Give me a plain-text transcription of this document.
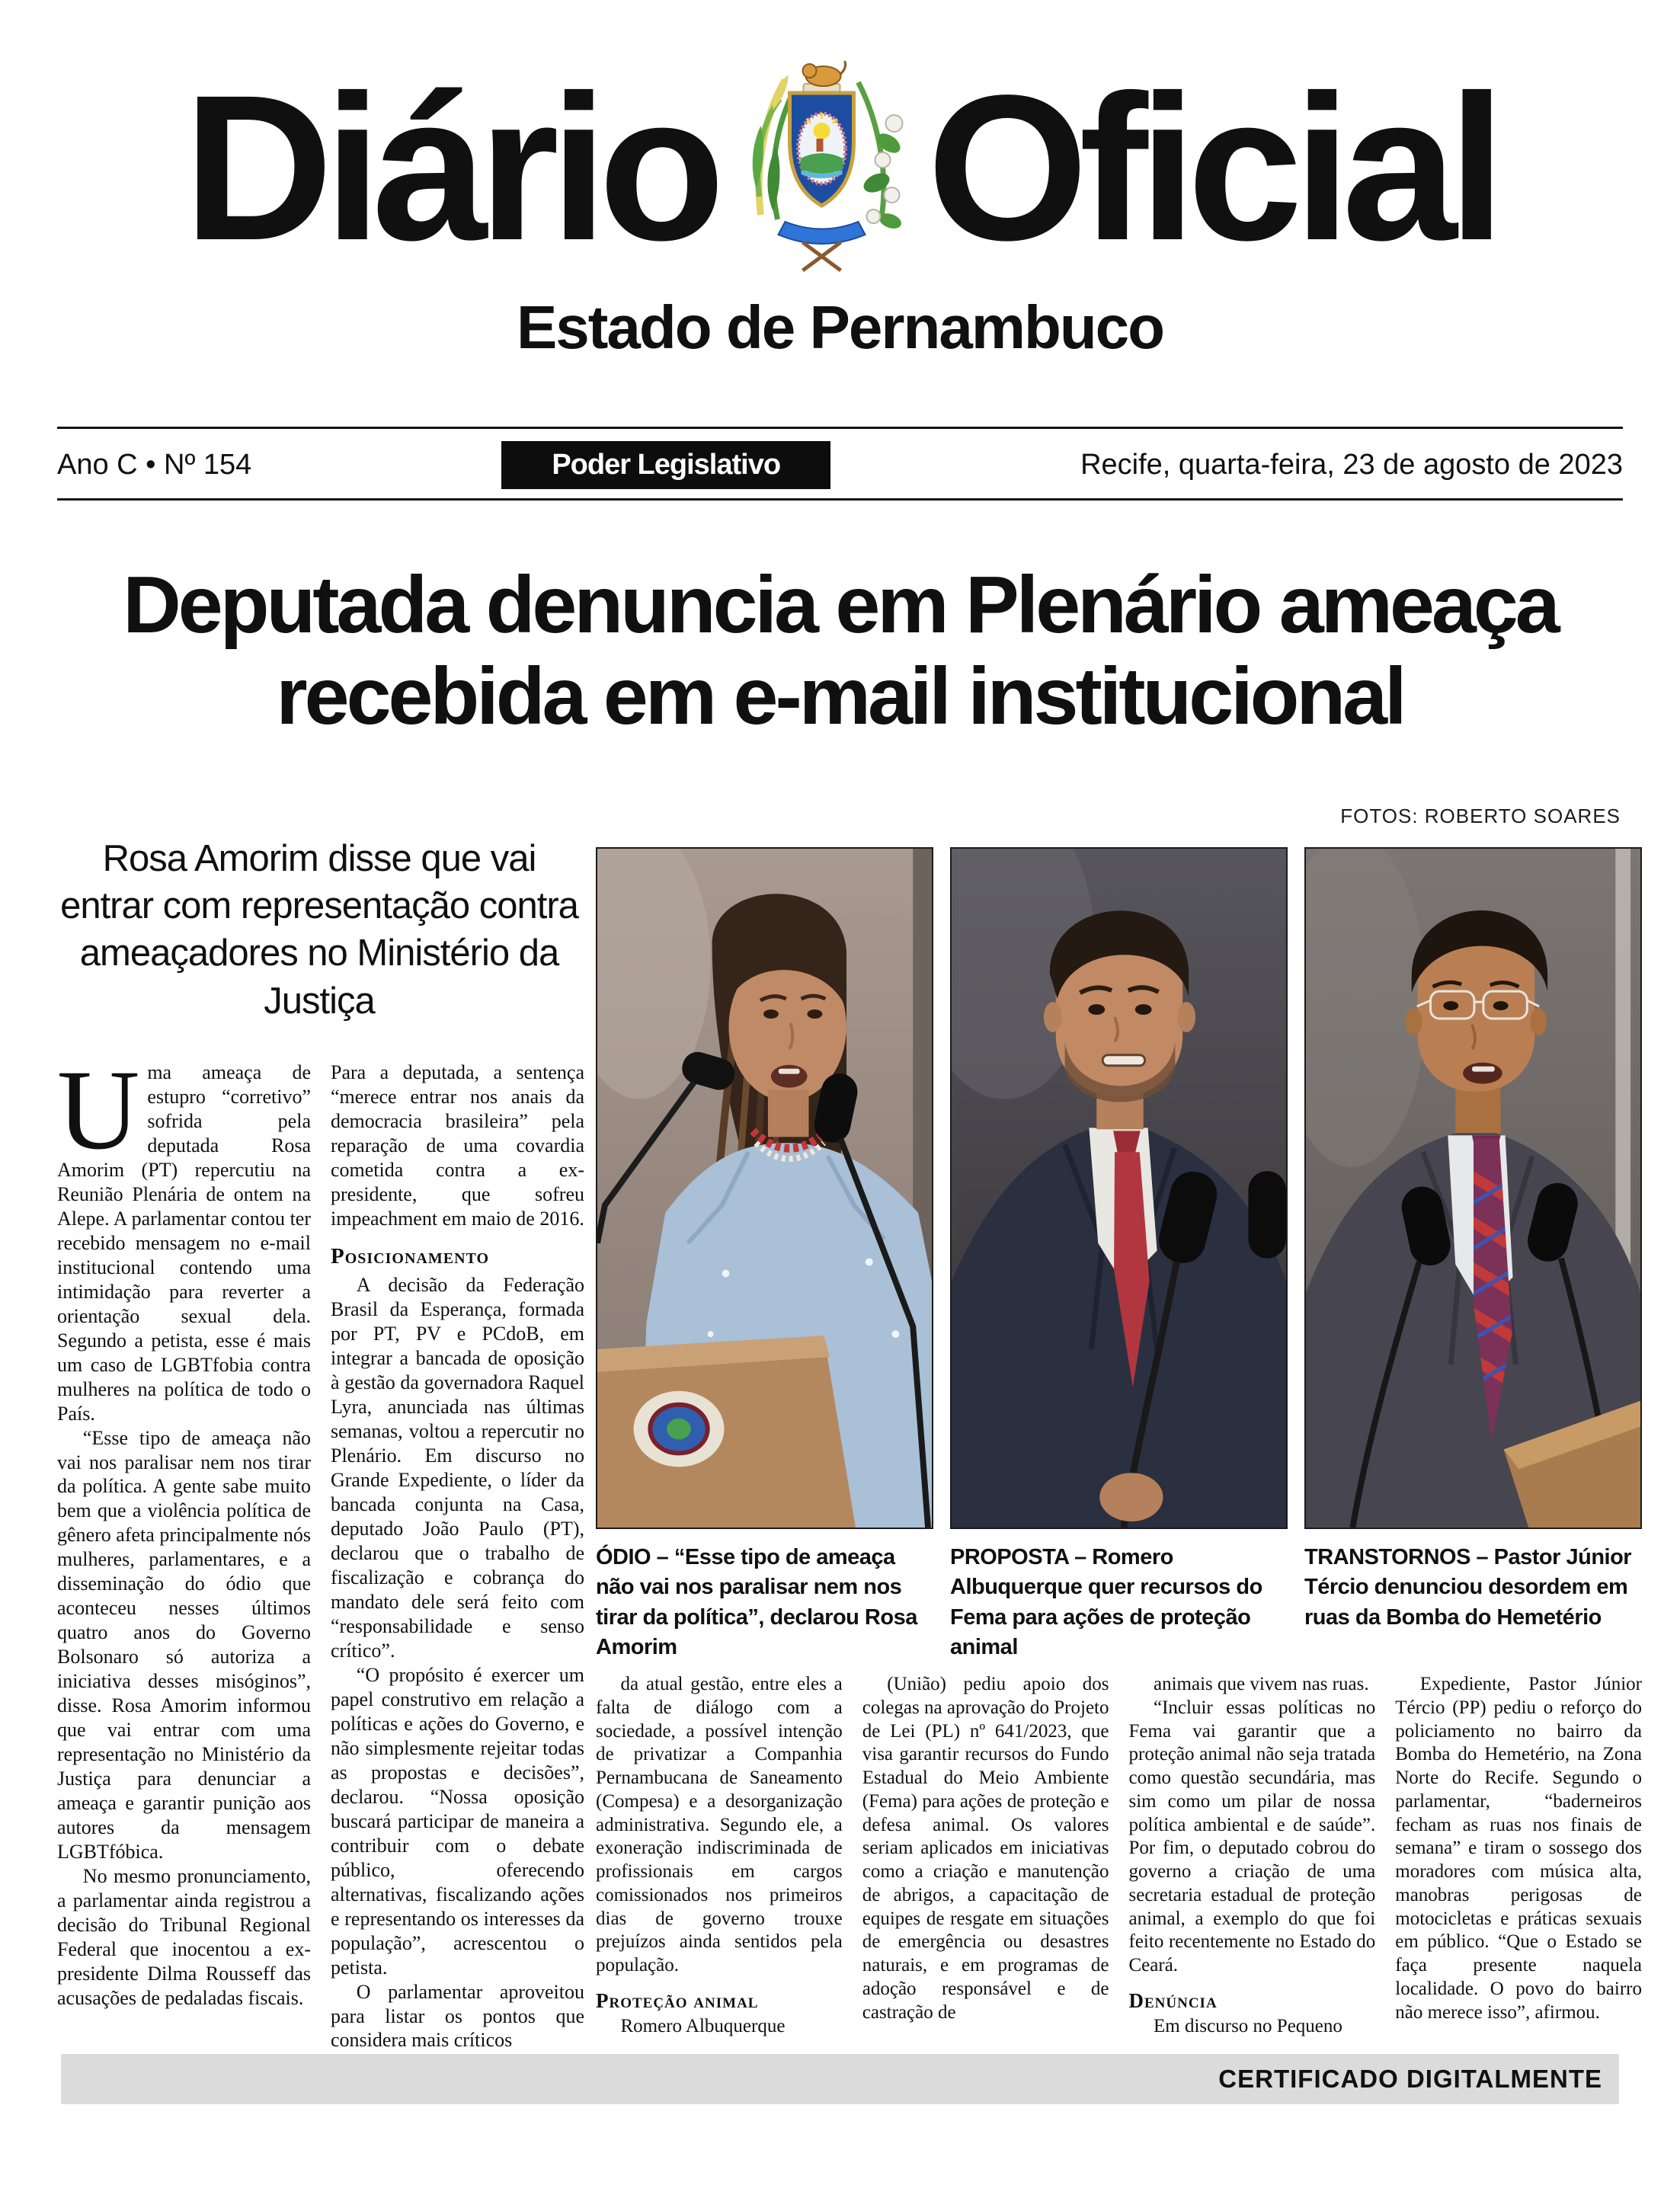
Diário Oficial
Estado de Pernambuco
Ano C • Nº 154	Poder Legislativo	Recife, quarta-feira, 23 de agosto de 2023
Deputada denuncia em Plenário ameaça recebida em e-mail institucional
FOTOS: ROBERTO SOARES
Rosa Amorim disse que vai entrar com representação contra ameaçadores no Ministério da Justiça

Uma ameaça de estupro “corretivo” sofrida pela deputada Rosa Amorim (PT) repercutiu na Reunião Plenária de ontem na Alepe. A parlamentar contou ter recebido mensagem no e-mail institucional contendo uma intimidação para reverter a orientação sexual dela. Segundo a petista, esse é mais um caso de LGBTfobia contra mulheres na política de todo o País.

“Esse tipo de ameaça não vai nos paralisar nem nos tirar da política. A gente sabe muito bem que a violência política de gênero afeta principalmente nós mulheres, parlamentares, e a disseminação do ódio que aconteceu nesses últimos quatro anos do Governo Bolsonaro só autoriza a iniciativa desses misóginos”, disse. Rosa Amorim informou que vai entrar com uma representação no Ministério da Justiça para denunciar a ameaça e garantir punição aos autores da mensagem LGBTfóbica.

No mesmo pronunciamento, a parlamentar ainda registrou a decisão do Tribunal Regional Federal que inocentou a ex-presidente Dilma Rousseff das acusações de pedaladas fiscais.

Para a deputada, a sentença “merece entrar nos anais da democracia brasileira” pela reparação de uma covardia cometida contra a ex-presidente, que sofreu impeachment em maio de 2016.

Posicionamento

A decisão da Federação Brasil da Esperança, formada por PT, PV e PCdoB, em integrar a bancada de oposição à gestão da governadora Raquel Lyra, anunciada nas últimas semanas, voltou a repercutir no Plenário. Em discurso no Grande Expediente, o líder da bancada conjunta na Casa, deputado João Paulo (PT), declarou que o trabalho de fiscalização e cobrança do mandato dele será feito com “responsabilidade e senso crítico”.

“O propósito é exercer um papel construtivo em relação a políticas e ações do Governo, e não simplesmente rejeitar todas as propostas e decisões”, declarou. “Nossa oposição buscará participar de maneira a contribuir com o debate público, oferecendo alternativas, fiscalizando ações e representando os interesses da população”, acrescentou o petista.

O parlamentar aproveitou para listar os pontos que considera mais críticos

ÓDIO – “Esse tipo de ameaça não vai nos paralisar nem nos tirar da política”, declarou Rosa Amorim
PROPOSTA – Romero Albuquerque quer recursos do Fema para ações de proteção animal
TRANSTORNOS – Pastor Júnior Tércio denunciou desordem em ruas da Bomba do Hemetério

da atual gestão, entre eles a falta de diálogo com a sociedade, a possível intenção de privatizar a Companhia Pernambucana de Saneamento (Compesa) e a desorganização administrativa. Segundo ele, a exoneração indiscriminada de profissionais em cargos comissionados nos primeiros dias de governo trouxe prejuízos ainda sentidos pela população.

Proteção animal

Romero Albuquerque

(União) pediu apoio dos colegas na aprovação do Projeto de Lei (PL) nº 641/2023, que visa garantir recursos do Fundo Estadual do Meio Ambiente (Fema) para ações de proteção e defesa animal. Os valores seriam aplicados em iniciativas como a criação e manutenção de abrigos, a capacitação de equipes de resgate em situações de emergência ou desastres naturais, e em programas de adoção responsável e de castração de

animais que vivem nas ruas.

“Incluir essas políticas no Fema vai garantir que a proteção animal não seja tratada como questão secundária, mas sim como um pilar de nossa política ambiental e de saúde”. Por fim, o deputado cobrou do governo a criação de uma secretaria estadual de proteção animal, a exemplo do que foi feito recentemente no Estado do Ceará.

Denúncia

Em discurso no Pequeno

Expediente, Pastor Júnior Tércio (PP) pediu o reforço do policiamento no bairro da Bomba do Hemetério, na Zona Norte do Recife. Segundo o parlamentar, “baderneiros fecham as ruas nos finais de semana” e tiram o sossego dos moradores com música alta, manobras perigosas de motocicletas e práticas sexuais em público. “Que o Estado se faça presente naquela localidade. O povo do bairro não merece isso”, afirmou.

CERTIFICADO DIGITALMENTE
